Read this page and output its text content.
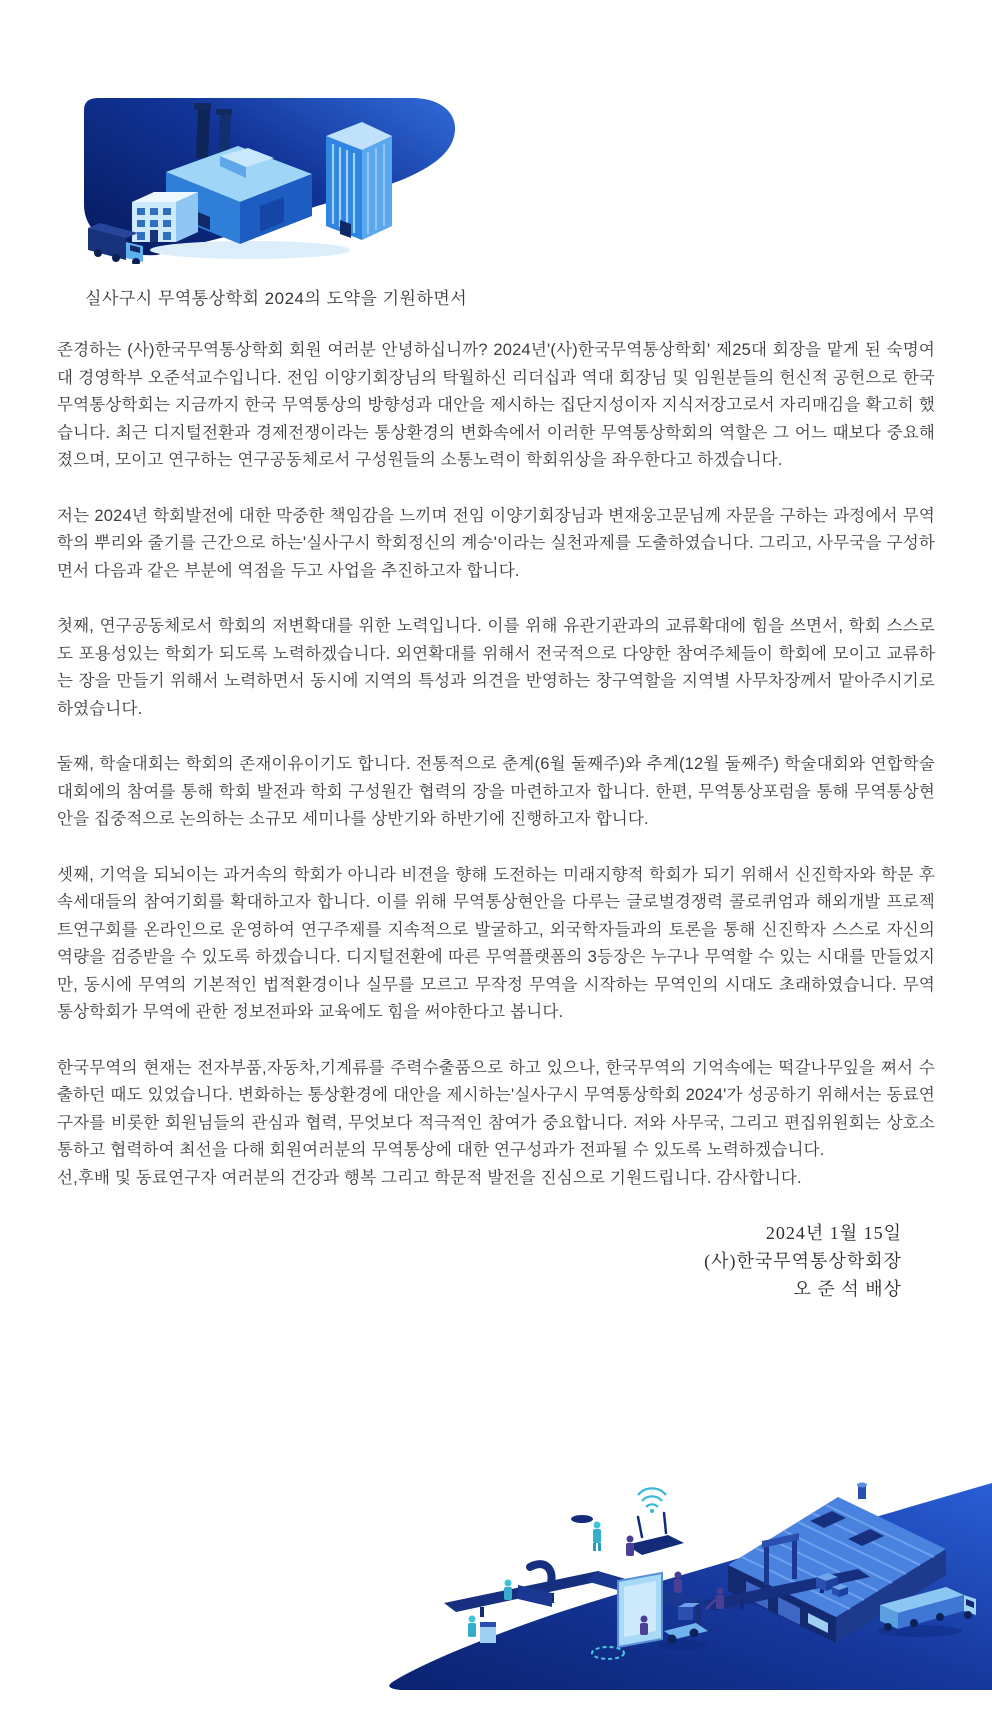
실사구시 무역통상학회 2024의 도약을 기원하면서

존경하는 (사)한국무역통상학회 회원 여러분 안녕하십니까? 2024년'(사)한국무역통상학회' 제25대 회장을 맡게 된 숙명여대 경영학부 오준석교수입니다. 전임 이양기회장님의 탁월하신 리더십과 역대 회장님 및 임원분들의 헌신적 공헌으로 한국무역통상학회는 지금까지 한국 무역통상의 방향성과 대안을 제시하는 집단지성이자 지식저장고로서 자리매김을 확고히 했습니다. 최근 디지털전환과 경제전쟁이라는 통상환경의 변화속에서 이러한 무역통상학회의 역할은 그 어느 때보다 중요해졌으며, 모이고 연구하는 연구공동체로서 구성원들의 소통노력이 학회위상을 좌우한다고 하겠습니다.

저는 2024년 학회발전에 대한 막중한 책임감을 느끼며 전임 이양기회장님과 변재웅고문님께 자문을 구하는 과정에서 무역학의 뿌리와 줄기를 근간으로 하는'실사구시 학회정신의 계승'이라는 실천과제를 도출하였습니다. 그리고, 사무국을 구성하면서 다음과 같은 부분에 역점을 두고 사업을 추진하고자 합니다.

첫째, 연구공동체로서 학회의 저변확대를 위한 노력입니다. 이를 위해 유관기관과의 교류확대에 힘을 쓰면서, 학회 스스로도 포용성있는 학회가 되도록 노력하겠습니다. 외연확대를 위해서 전국적으로 다양한 참여주체들이 학회에 모이고 교류하는 장을 만들기 위해서 노력하면서 동시에 지역의 특성과 의견을 반영하는 창구역할을 지역별 사무차장께서 맡아주시기로 하였습니다.

둘째, 학술대회는 학회의 존재이유이기도 합니다. 전통적으로 춘계(6월 둘째주)와 추계(12월 둘째주) 학술대회와 연합학술대회에의 참여를 통해 학회 발전과 학회 구성원간 협력의 장을 마련하고자 합니다. 한편, 무역통상포럼을 통해 무역통상현안을 집중적으로 논의하는 소규모 세미나를 상반기와 하반기에 진행하고자 합니다.

셋째, 기억을 되뇌이는 과거속의 학회가 아니라 비젼을 향해 도전하는 미래지향적 학회가 되기 위해서 신진학자와 학문 후속세대들의 참여기회를 확대하고자 합니다. 이를 위해 무역통상현안을 다루는 글로벌경쟁력 콜로퀴엄과 해외개발 프로젝트연구회를 온라인으로 운영하여 연구주제를 지속적으로 발굴하고, 외국학자들과의 토론을 통해 신진학자 스스로 자신의 역량을 검증받을 수 있도록 하겠습니다. 디지털전환에 따른 무역플랫폼의 3등장은 누구나 무역할 수 있는 시대를 만들었지만, 동시에 무역의 기본적인 법적환경이나 실무를 모르고 무작정 무역을 시작하는 무역인의 시대도 초래하였습니다. 무역통상학회가 무역에 관한 정보전파와 교육에도 힘을 써야한다고 봅니다.

한국무역의 현재는 전자부품,자동차,기계류를 주력수출품으로 하고 있으나, 한국무역의 기억속에는 떡갈나무잎을 쪄서 수출하던 때도 있었습니다. 변화하는 통상환경에 대안을 제시하는'실사구시 무역통상학회 2024'가 성공하기 위해서는 동료연구자를 비롯한 회원님들의 관심과 협력, 무엇보다 적극적인 참여가 중요합니다. 저와 사무국, 그리고 편집위원회는 상호소통하고 협력하여 최선을 다해 회원여러분의 무역통상에 대한 연구성과가 전파될 수 있도록 노력하겠습니다.

선,후배 및 동료연구자 여러분의 건강과 행복 그리고 학문적 발전을 진심으로 기원드립니다. 감사합니다.

2024년 1월 15일
(사)한국무역통상학회장
오 준 석 배상
